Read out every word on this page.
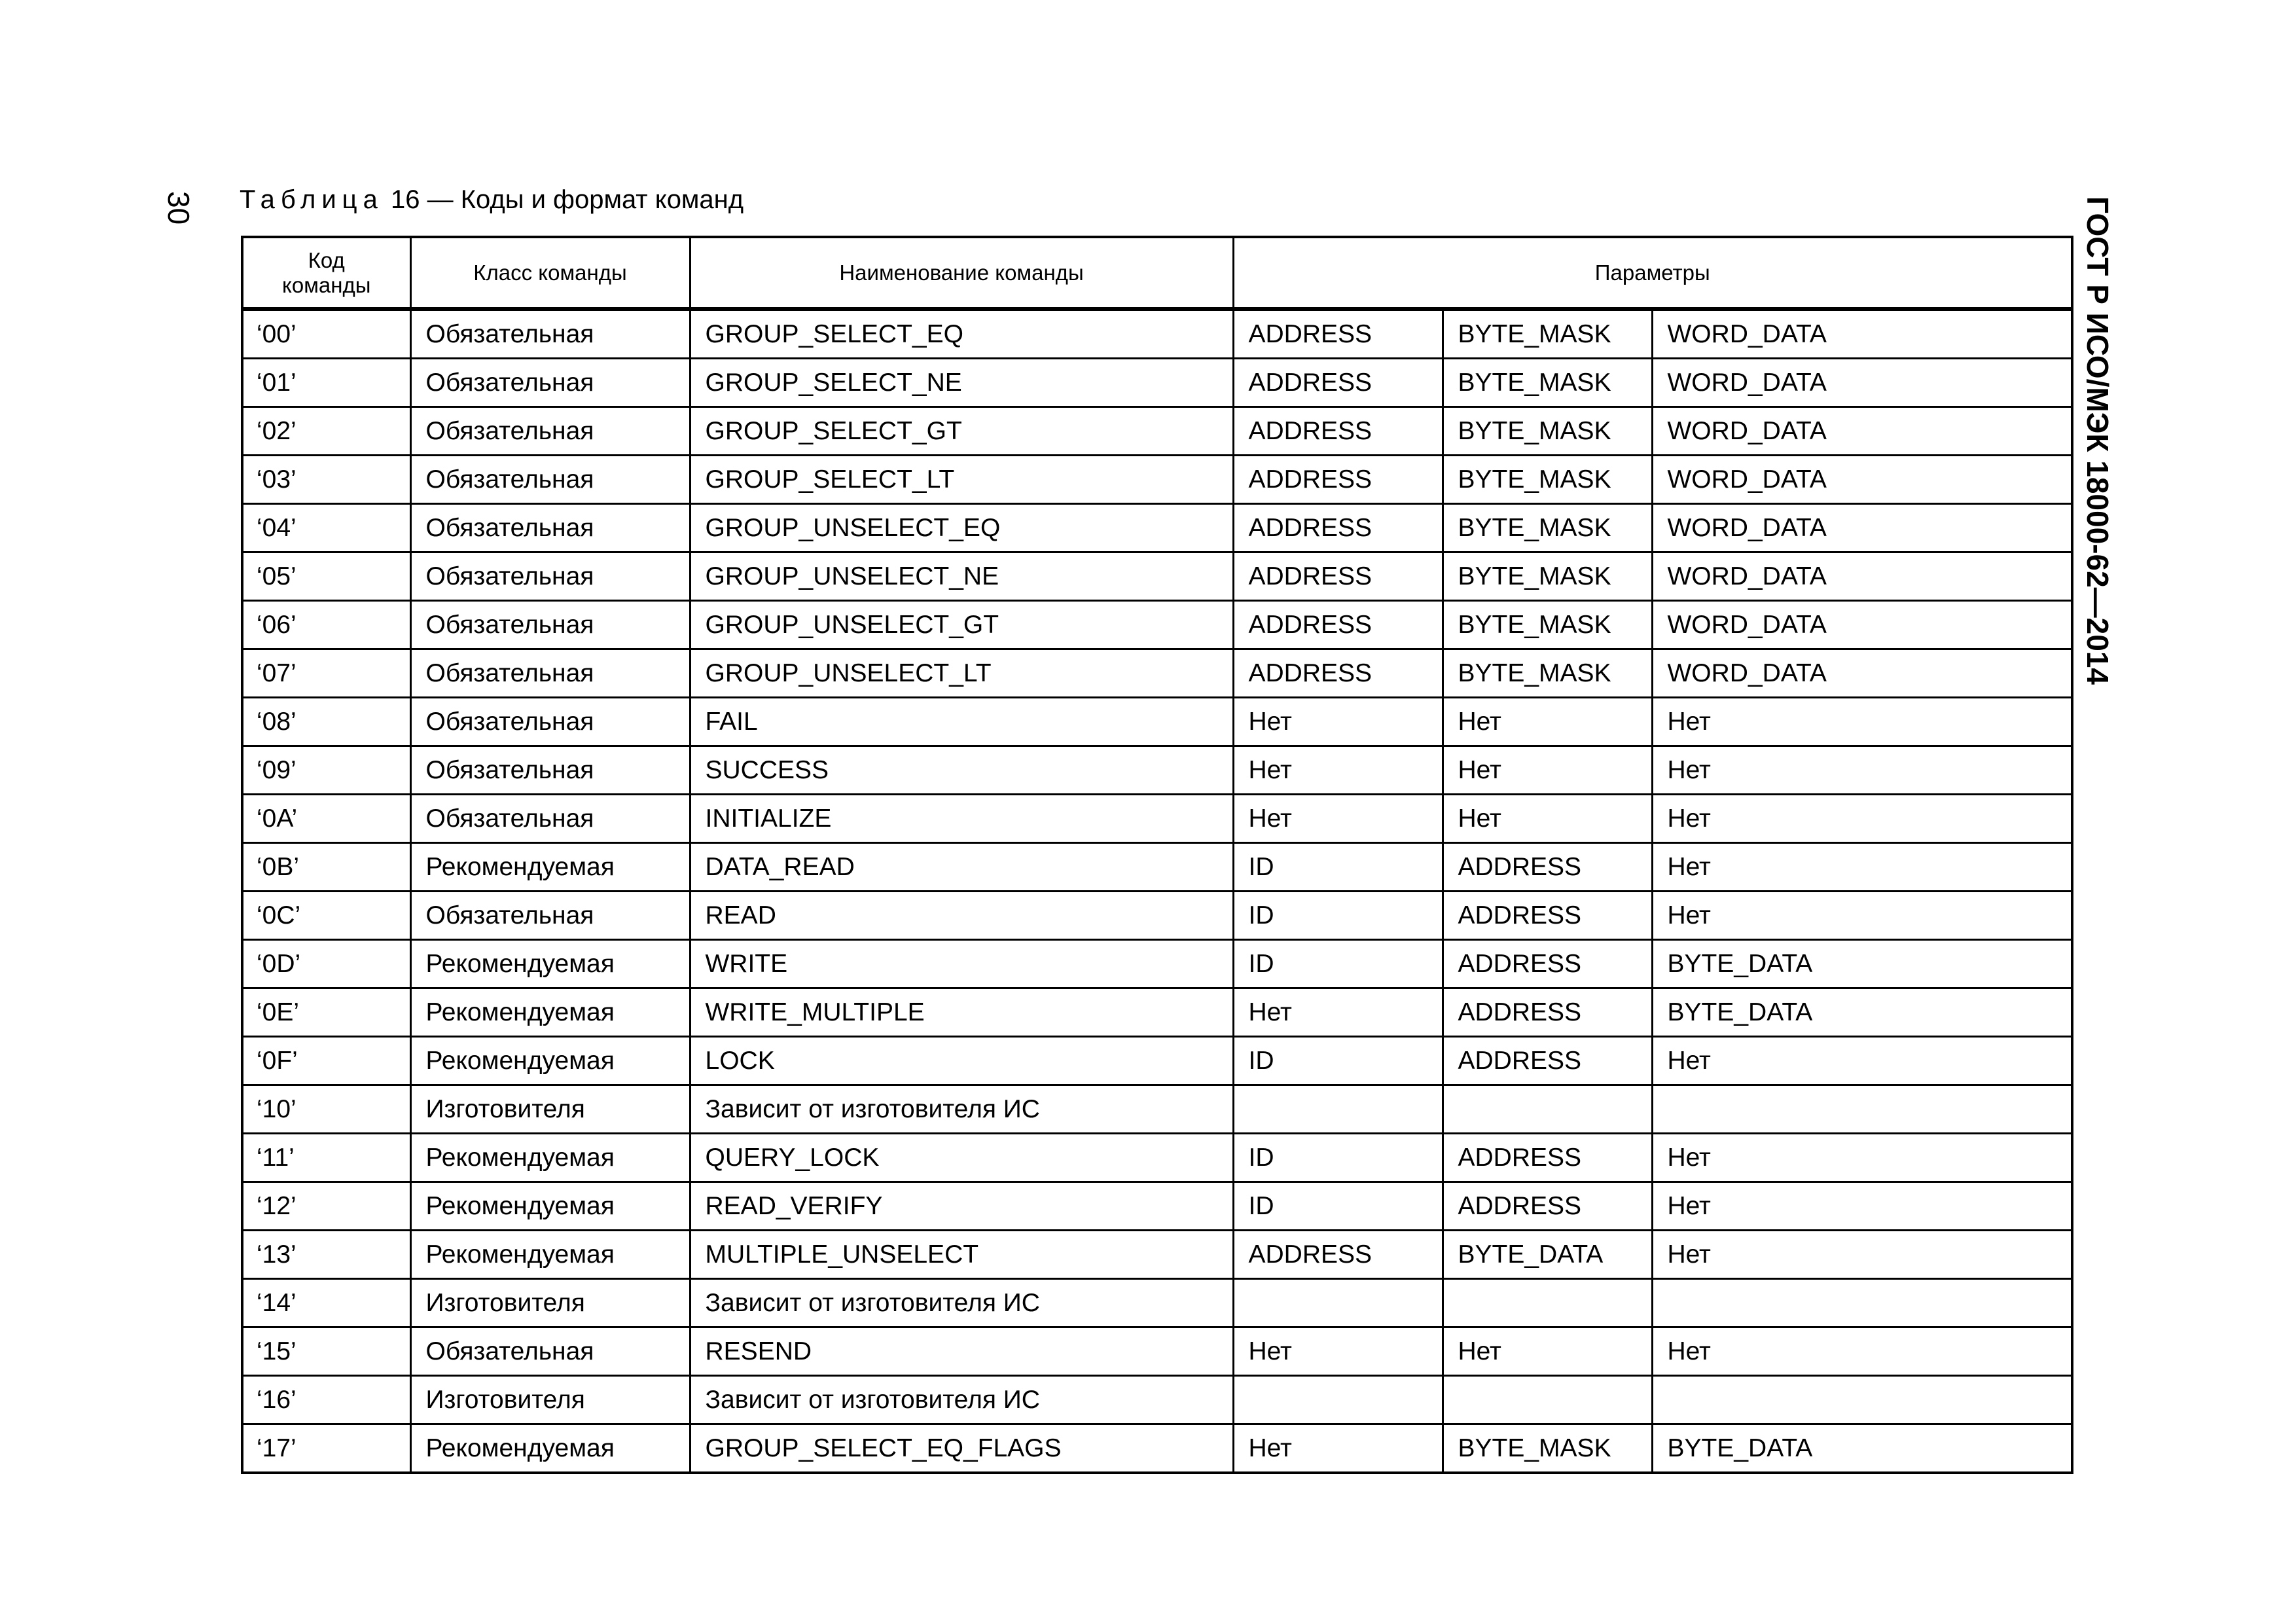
30 Таблица 16 — Коды и формат команд	ГОСТ Р ИСО/МЭК 18000-62—2014
Код команды	Класс команды	Наименование команды	Параметры		
‘00’	Обязательная	GROUP_SELECT_EQ	ADDRESS	BYTE_MASK	WORD_DATA
‘01’	Обязательная	GROUP_SELECT_NE	ADDRESS	BYTE_MASK	WORD_DATA
‘02’	Обязательная	GROUP_SELECT_GT	ADDRESS	BYTE_MASK	WORD_DATA
‘03’	Обязательная	GROUP_SELECT_LT	ADDRESS	BYTE_MASK	WORD_DATA
‘04’	Обязательная	GROUP_UNSELECT_EQ	ADDRESS	BYTE_MASK	WORD_DATA
‘05’	Обязательная	GROUP_UNSELECT_NE	ADDRESS	BYTE_MASK	WORD_DATA
‘06’	Обязательная	GROUP_UNSELECT_GT	ADDRESS	BYTE_MASK	WORD_DATA
‘07’	Обязательная	GROUP_UNSELECT_LT	ADDRESS	BYTE_MASK	WORD_DATA
‘08’	Обязательная	FAIL	Нет	Нет	Нет
‘09’	Обязательная	SUCCESS	Нет	Нет	Нет
‘0A’	Обязательная	INITIALIZE	Нет	Нет	Нет
‘0B’	Рекомендуемая	DATA_READ	ID	ADDRESS	Нет
‘0C’	Обязательная	READ	ID	ADDRESS	Нет
‘0D’	Рекомендуемая	WRITE	ID	ADDRESS	BYTE_DATA
‘0E’	Рекомендуемая	WRITE_MULTIPLE	Нет	ADDRESS	BYTE_DATA
‘0F’	Рекомендуемая	LOCK	ID	ADDRESS	Нет
‘10’	Изготовителя	Зависит от изготовителя ИС			
‘11’	Рекомендуемая	QUERY_LOCK	ID	ADDRESS	Нет
‘12’	Рекомендуемая	READ_VERIFY	ID	ADDRESS	Нет
‘13’	Рекомендуемая	MULTIPLE_UNSELECT	ADDRESS	BYTE_DATA	Нет
‘14’	Изготовителя	Зависит от изготовителя ИС			
‘15’	Обязательная	RESEND	Нет	Нет	Нет
‘16’	Изготовителя	Зависит от изготовителя ИС			
‘17’	Рекомендуемая	GROUP_SELECT_EQ_FLAGS	Нет	BYTE_MASK	BYTE_DATA
